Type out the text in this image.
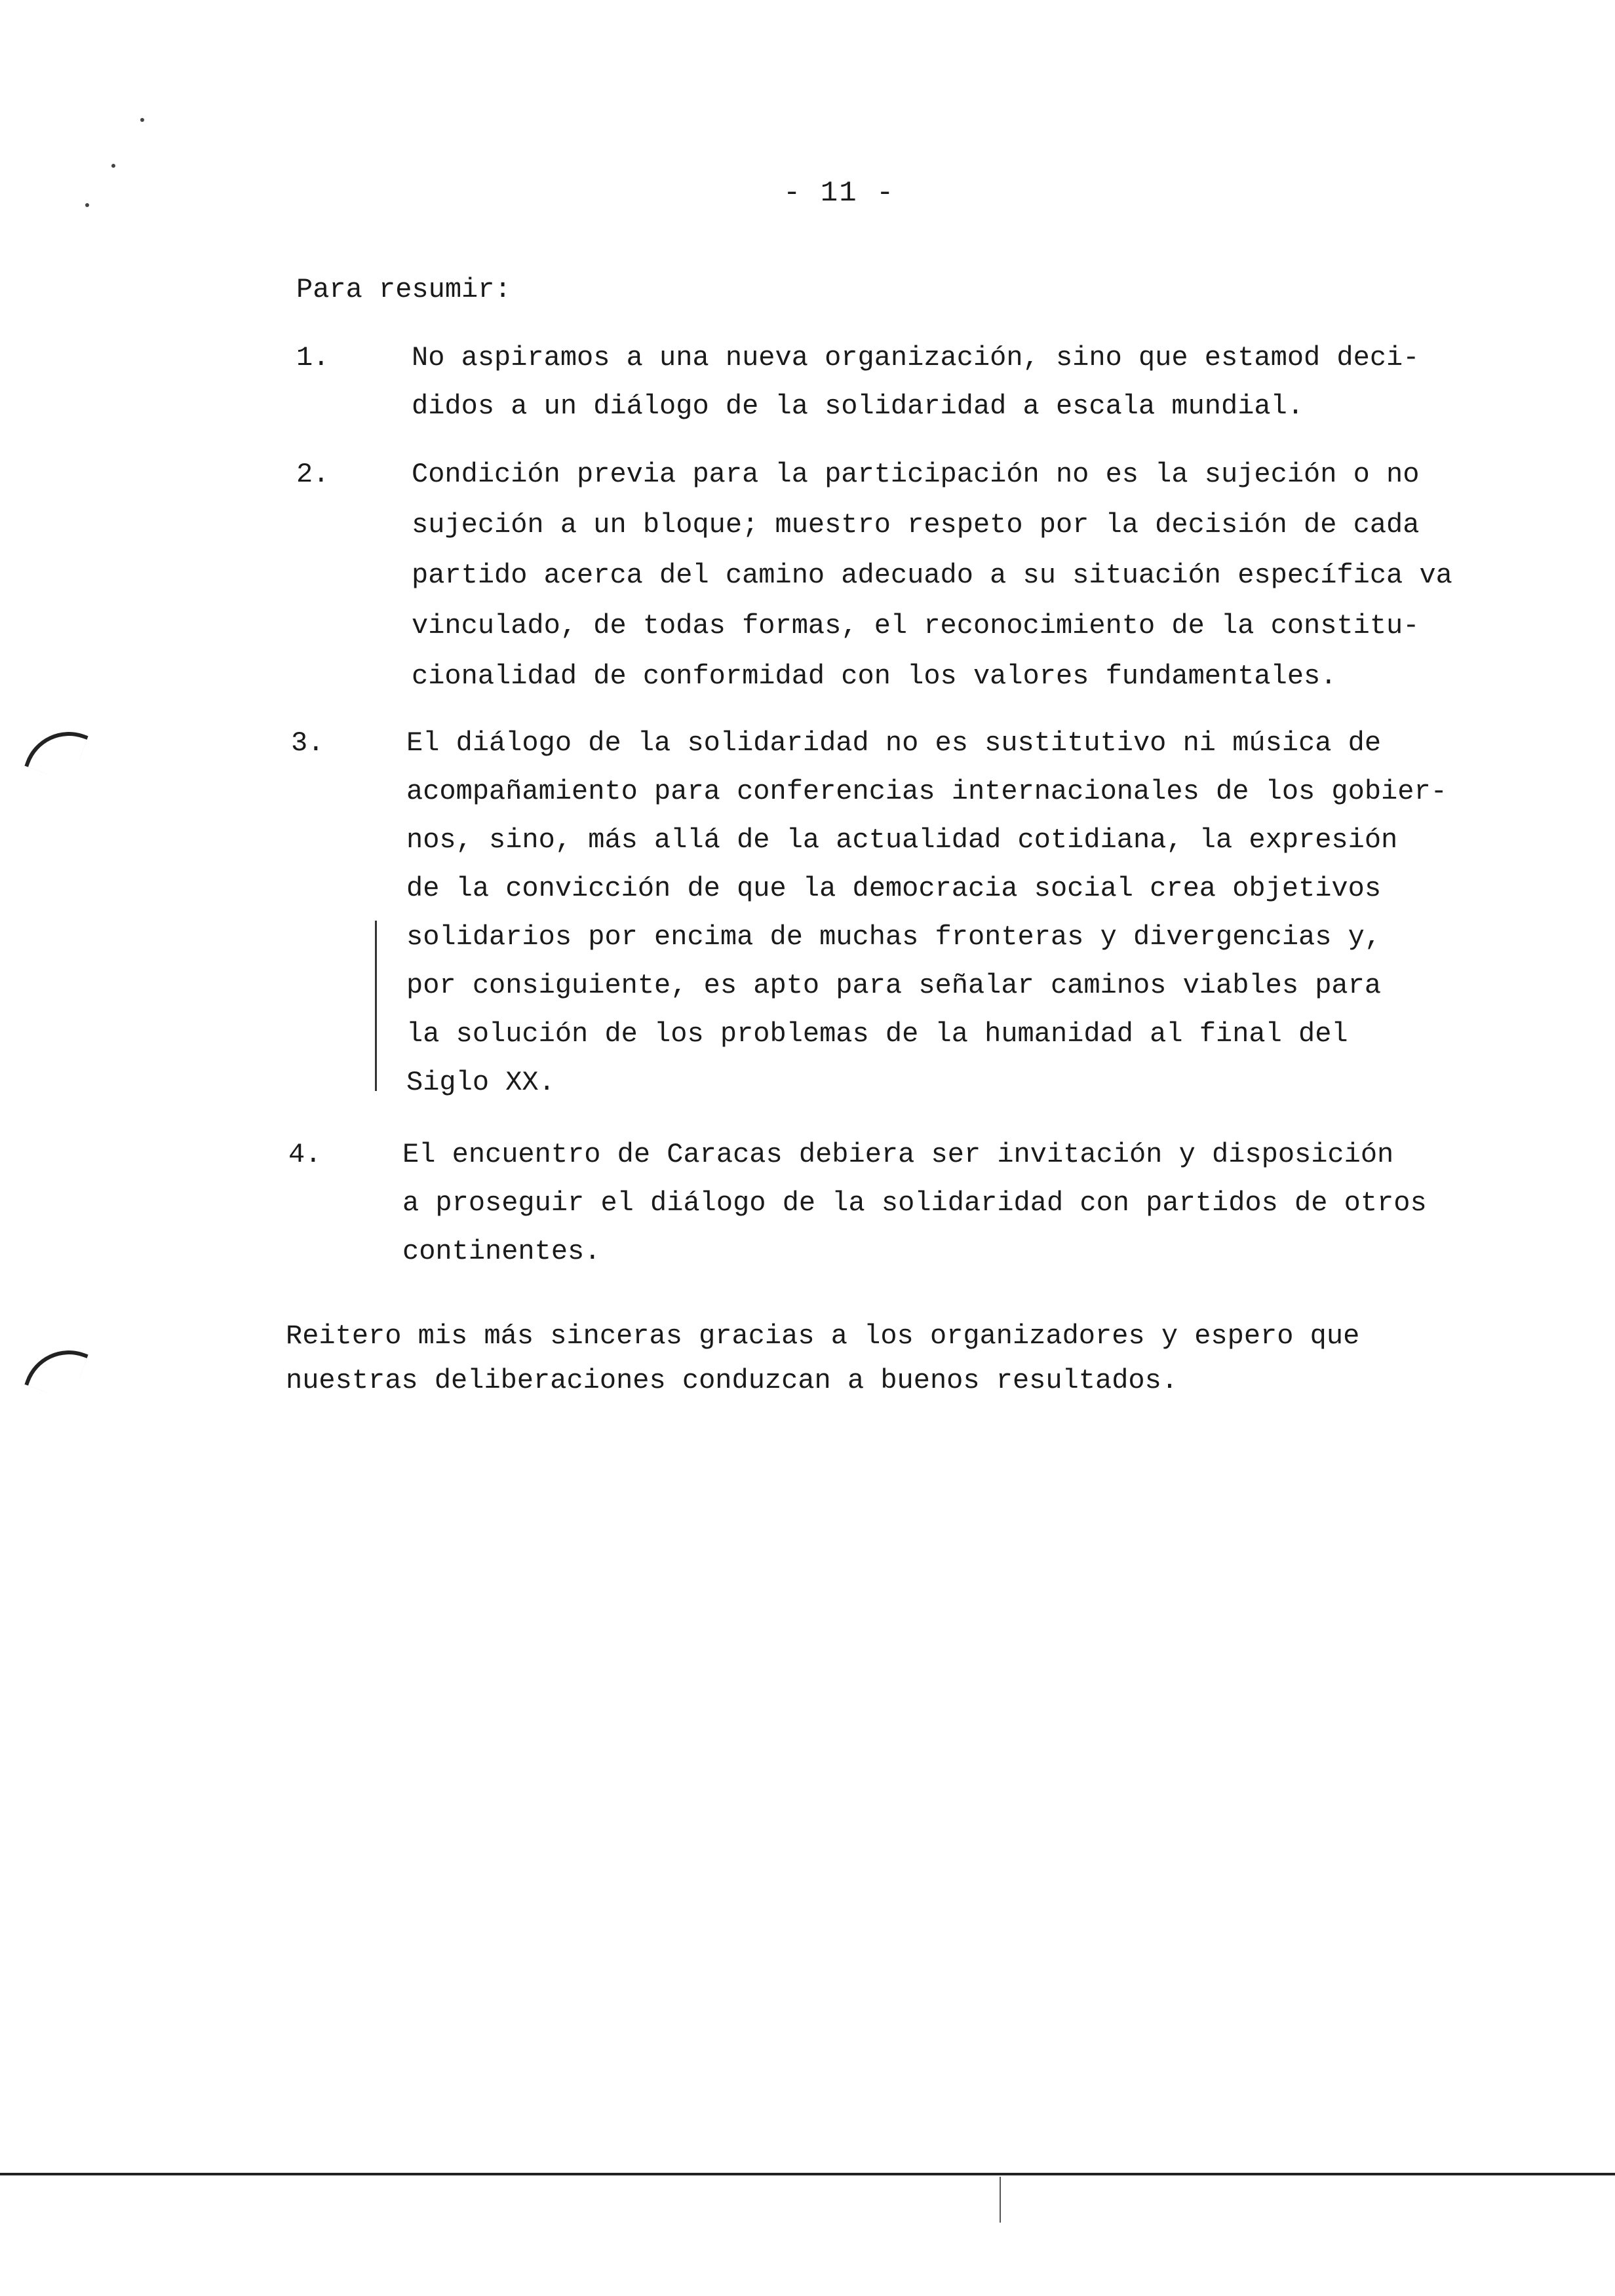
- 11 -
Para resumir:
1.	No aspiramos a una nueva organización, sino que estamod deci-
didos a un diálogo de la solidaridad a escala mundial.
2.	Condición previa para la participación no es la sujeción o no
sujeción a un bloque; muestro respeto por la decisión de cada
partido acerca del camino adecuado a su situación específica va
vinculado, de todas formas, el reconocimiento de la constitu-
cionalidad de conformidad con los valores fundamentales.
3.	El diálogo de la solidaridad no es sustitutivo ni música de
acompañamiento para conferencias internacionales de los gobier-
nos, sino, más allá de la actualidad cotidiana, la expresión
de la convicción de que la democracia social crea objetivos
solidarios por encima de muchas fronteras y divergencias y,
por consiguiente, es apto para señalar caminos viables para
la solución de los problemas de la humanidad al final del
Siglo XX.
4.	El encuentro de Caracas debiera ser invitación y disposición
a proseguir el diálogo de la solidaridad con partidos de otros
continentes.
Reitero mis más sinceras gracias a los organizadores y espero que
nuestras deliberaciones conduzcan a buenos resultados.
